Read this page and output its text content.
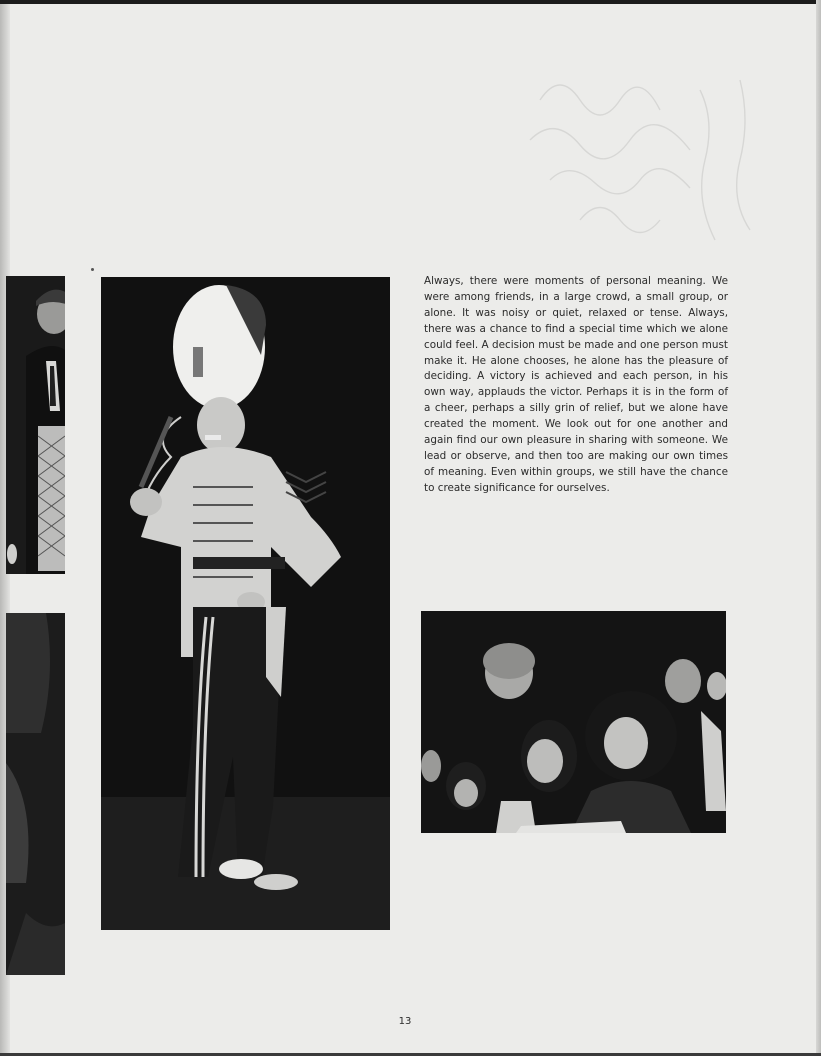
Always, there were moments of personal meaning. We were among friends, in a large crowd, a small group, or alone. It was noisy or quiet, relaxed or tense. Always, there was a chance to find a special time which we alone could feel. A decision must be made and one person must make it. He alone chooses, he alone has the pleasure of deciding. A victory is achieved and each person, in his own way, applauds the victor. Perhaps it is in the form of a cheer, perhaps a silly grin of relief, but we alone have created the moment. We look out for one another and again find our own pleasure in sharing with someone. We lead or observe, and then too are making our own times of meaning. Even within groups, we still have the chance to create significance for ourselves.

13
